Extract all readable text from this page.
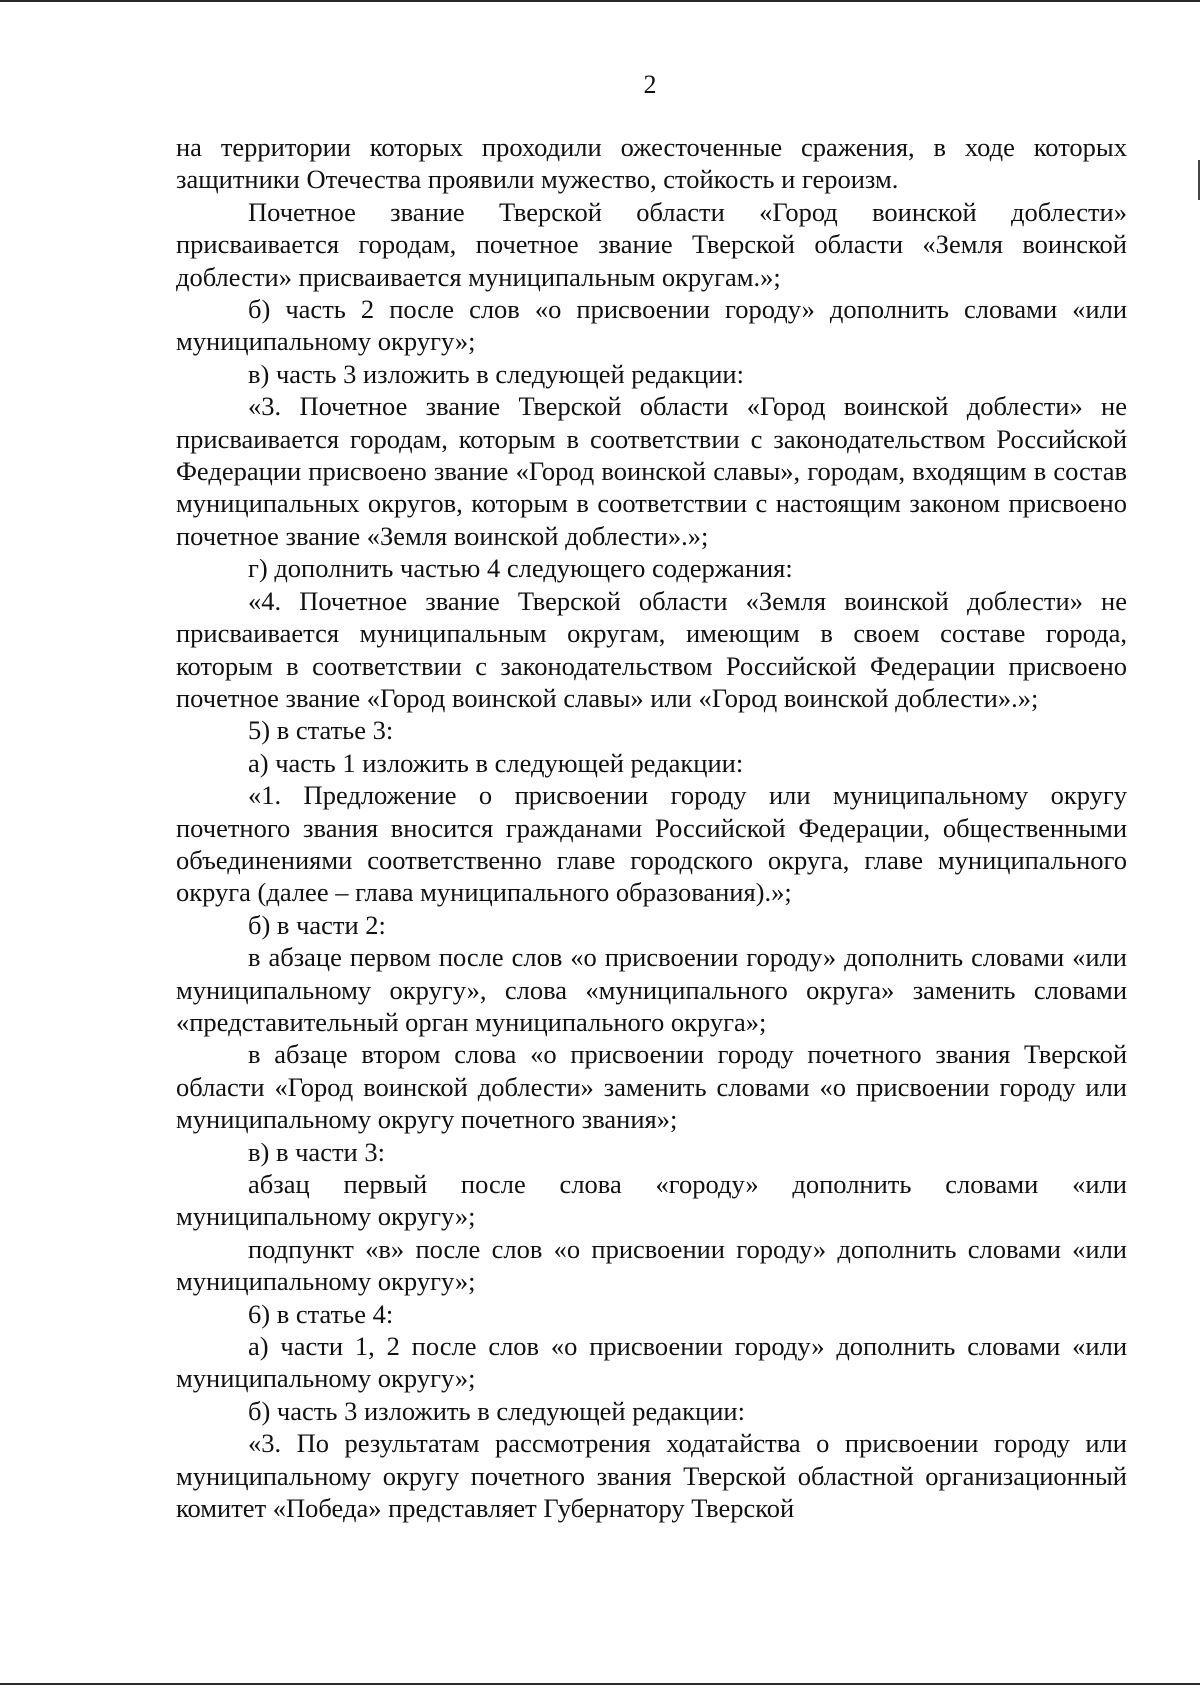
2

на территории которых проходили ожесточенные сражения, в ходе которых защитники Отечества проявили мужество, стойкость и героизм.

Почетное звание Тверской области «Город воинской доблести» присваивается городам, почетное звание Тверской области «Земля воинской доблести» присваивается муниципальным округам.»;

б) часть 2 после слов «о присвоении городу» дополнить словами «или муниципальному округу»;

в) часть 3 изложить в следующей редакции:

«3. Почетное звание Тверской области «Город воинской доблести» не присваивается городам, которым в соответствии с законодательством Российской Федерации присвоено звание «Город воинской славы», городам, входящим в состав муниципальных округов, которым в соответствии с настоящим законом присвоено почетное звание «Земля воинской доблести».»;

г) дополнить частью 4 следующего содержания:

«4. Почетное звание Тверской области «Земля воинской доблести» не присваивается муниципальным округам, имеющим в своем составе города, которым в соответствии с законодательством Российской Федерации присвоено почетное звание «Город воинской славы» или «Город воинской доблести».»;

5) в статье 3:

а) часть 1 изложить в следующей редакции:

«1. Предложение о присвоении городу или муниципальному округу почетного звания вносится гражданами Российской Федерации, общественными объединениями соответственно главе городского округа, главе муниципального округа (далее – глава муниципального образования).»;

б) в части 2:

в абзаце первом после слов «о присвоении городу» дополнить словами «или муниципальному округу», слова «муниципального округа» заменить словами «представительный орган муниципального округа»;

в абзаце втором слова «о присвоении городу почетного звания Тверской области «Город воинской доблести» заменить словами «о присвоении городу или муниципальному округу почетного звания»;

в) в части 3:

абзац первый после слова «городу» дополнить словами «или муниципальному округу»;

подпункт «в» после слов «о присвоении городу» дополнить словами «или муниципальному округу»;

6) в статье 4:

а) части 1, 2 после слов «о присвоении городу» дополнить словами «или муниципальному округу»;

б) часть 3 изложить в следующей редакции:

«3. По результатам рассмотрения ходатайства о присвоении городу или муниципальному округу почетного звания Тверской областной организационный комитет «Победа» представляет Губернатору Тверской
